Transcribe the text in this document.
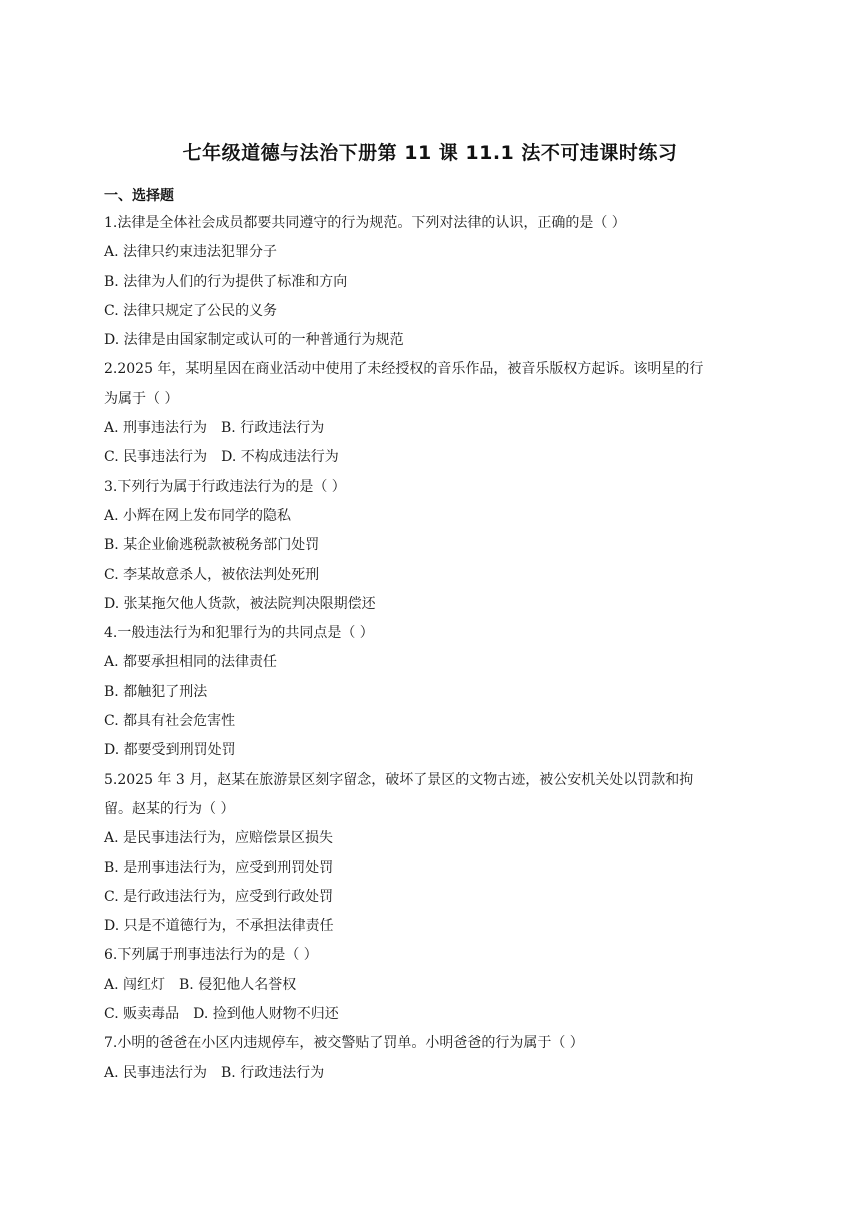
七年级道德与法治下册第 11 课 11.1 法不可违课时练习
一、选择题
1.法律是全体社会成员都要共同遵守的行为规范。下列对法律的认识，正确的是（ ）
A. 法律只约束违法犯罪分子
B. 法律为人们的行为提供了标准和方向
C. 法律只规定了公民的义务
D. 法律是由国家制定或认可的一种普通行为规范
2.2025 年，某明星因在商业活动中使用了未经授权的音乐作品，被音乐版权方起诉。该明星的行
为属于（ ）
A. 刑事违法行为 B. 行政违法行为
C. 民事违法行为 D. 不构成违法行为
3.下列行为属于行政违法行为的是（ ）
A. 小辉在网上发布同学的隐私
B. 某企业偷逃税款被税务部门处罚
C. 李某故意杀人，被依法判处死刑
D. 张某拖欠他人货款，被法院判决限期偿还
4.一般违法行为和犯罪行为的共同点是（ ）
A. 都要承担相同的法律责任
B. 都触犯了刑法
C. 都具有社会危害性
D. 都要受到刑罚处罚
5.2025 年 3 月，赵某在旅游景区刻字留念，破坏了景区的文物古迹，被公安机关处以罚款和拘
留。赵某的行为（ ）
A. 是民事违法行为，应赔偿景区损失
B. 是刑事违法行为，应受到刑罚处罚
C. 是行政违法行为，应受到行政处罚
D. 只是不道德行为，不承担法律责任
6.下列属于刑事违法行为的是（ ）
A. 闯红灯 B. 侵犯他人名誉权
C. 贩卖毒品 D. 捡到他人财物不归还
7.小明的爸爸在小区内违规停车，被交警贴了罚单。小明爸爸的行为属于（ ）
A. 民事违法行为 B. 行政违法行为
